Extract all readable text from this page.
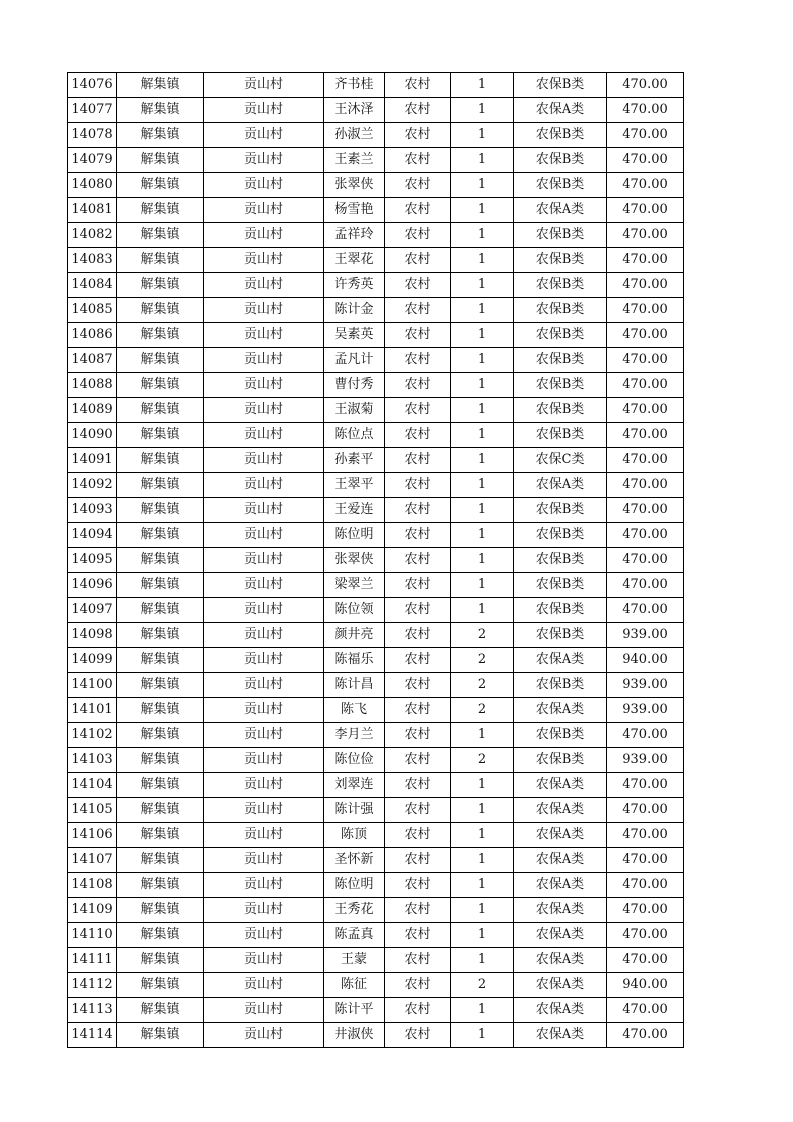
14076	解集镇	贡山村	齐书桂	农村	1	农保B类	470.00
14077	解集镇	贡山村	王沐泽	农村	1	农保A类	470.00
14078	解集镇	贡山村	孙淑兰	农村	1	农保B类	470.00
14079	解集镇	贡山村	王素兰	农村	1	农保B类	470.00
14080	解集镇	贡山村	张翠侠	农村	1	农保B类	470.00
14081	解集镇	贡山村	杨雪艳	农村	1	农保A类	470.00
14082	解集镇	贡山村	孟祥玲	农村	1	农保B类	470.00
14083	解集镇	贡山村	王翠花	农村	1	农保B类	470.00
14084	解集镇	贡山村	许秀英	农村	1	农保B类	470.00
14085	解集镇	贡山村	陈计金	农村	1	农保B类	470.00
14086	解集镇	贡山村	吴素英	农村	1	农保B类	470.00
14087	解集镇	贡山村	孟凡计	农村	1	农保B类	470.00
14088	解集镇	贡山村	曹付秀	农村	1	农保B类	470.00
14089	解集镇	贡山村	王淑菊	农村	1	农保B类	470.00
14090	解集镇	贡山村	陈位点	农村	1	农保B类	470.00
14091	解集镇	贡山村	孙素平	农村	1	农保C类	470.00
14092	解集镇	贡山村	王翠平	农村	1	农保A类	470.00
14093	解集镇	贡山村	王爱连	农村	1	农保B类	470.00
14094	解集镇	贡山村	陈位明	农村	1	农保B类	470.00
14095	解集镇	贡山村	张翠侠	农村	1	农保B类	470.00
14096	解集镇	贡山村	梁翠兰	农村	1	农保B类	470.00
14097	解集镇	贡山村	陈位领	农村	1	农保B类	470.00
14098	解集镇	贡山村	颜井亮	农村	2	农保B类	939.00
14099	解集镇	贡山村	陈福乐	农村	2	农保A类	940.00
14100	解集镇	贡山村	陈计昌	农村	2	农保B类	939.00
14101	解集镇	贡山村	陈飞	农村	2	农保A类	939.00
14102	解集镇	贡山村	李月兰	农村	1	农保B类	470.00
14103	解集镇	贡山村	陈位俭	农村	2	农保B类	939.00
14104	解集镇	贡山村	刘翠连	农村	1	农保A类	470.00
14105	解集镇	贡山村	陈计强	农村	1	农保A类	470.00
14106	解集镇	贡山村	陈顶	农村	1	农保A类	470.00
14107	解集镇	贡山村	圣怀新	农村	1	农保A类	470.00
14108	解集镇	贡山村	陈位明	农村	1	农保A类	470.00
14109	解集镇	贡山村	王秀花	农村	1	农保A类	470.00
14110	解集镇	贡山村	陈孟真	农村	1	农保A类	470.00
14111	解集镇	贡山村	王蒙	农村	1	农保A类	470.00
14112	解集镇	贡山村	陈征	农村	2	农保A类	940.00
14113	解集镇	贡山村	陈计平	农村	1	农保A类	470.00
14114	解集镇	贡山村	井淑侠	农村	1	农保A类	470.00
